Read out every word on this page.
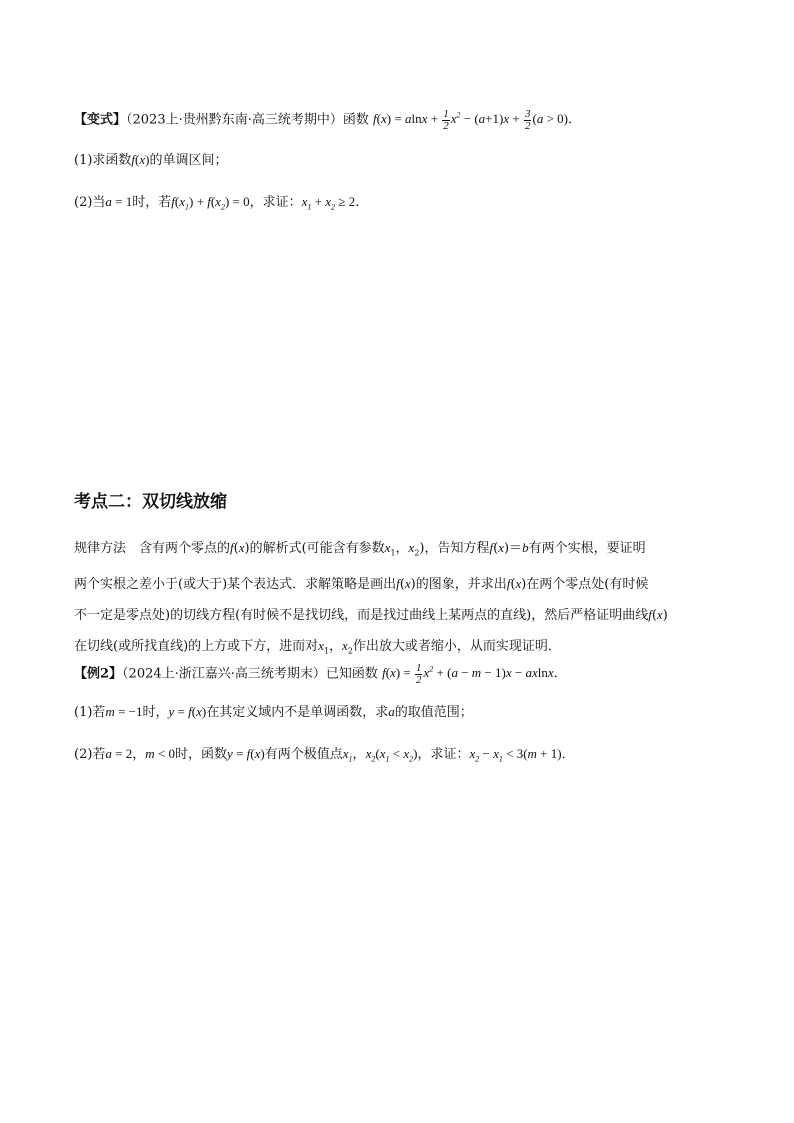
【变式】（2023上·贵州黔东南·高三统考期中）函数 $f(x) = alnx + \frac{1}{2} x^2 - (a+1)x + \frac{3}{2} (a > 0)$．
(1)求函数f(x)的单调区间；
(2)当a = 1时，若$f(x_1) + f(x_2) = 0$，求证：$x_1 + x_2 \ge 2$.
考点二：双切线放缩

规律方法　含有两个零点的f(x)的解析式(可能含有参数$x_1$，$x_2$)，告知方程f(x)＝b有两个实根，要证明

两个实根之差小于(或大于)某个表达式．求解策略是画出f(x)的图象，并求出f(x)在两个零点处(有时候

不一定是零点处)的切线方程(有时候不是找切线，而是找过曲线上某两点的直线)，然后严格证明曲线f(x)

在切线(或所找直线)的上方或下方，进而对$x_1$，$x_2$作出放大或者缩小，从而实现证明．

【例2】（2024上·浙江嘉兴·高三统考期末）已知函数 $f(x) = \frac{1}{2} x^2 + (a - m - 1)x - axlnx$．
(1)若m = −1时，y = f(x)在其定义域内不是单调函数，求a的取值范围；
(2)若a = 2，m < 0时，函数y = f(x)有两个极值点$x_1$，$x_2(x_1 < x_2)$，求证：$x_2 - x_1 < 3(m + 1)$．
